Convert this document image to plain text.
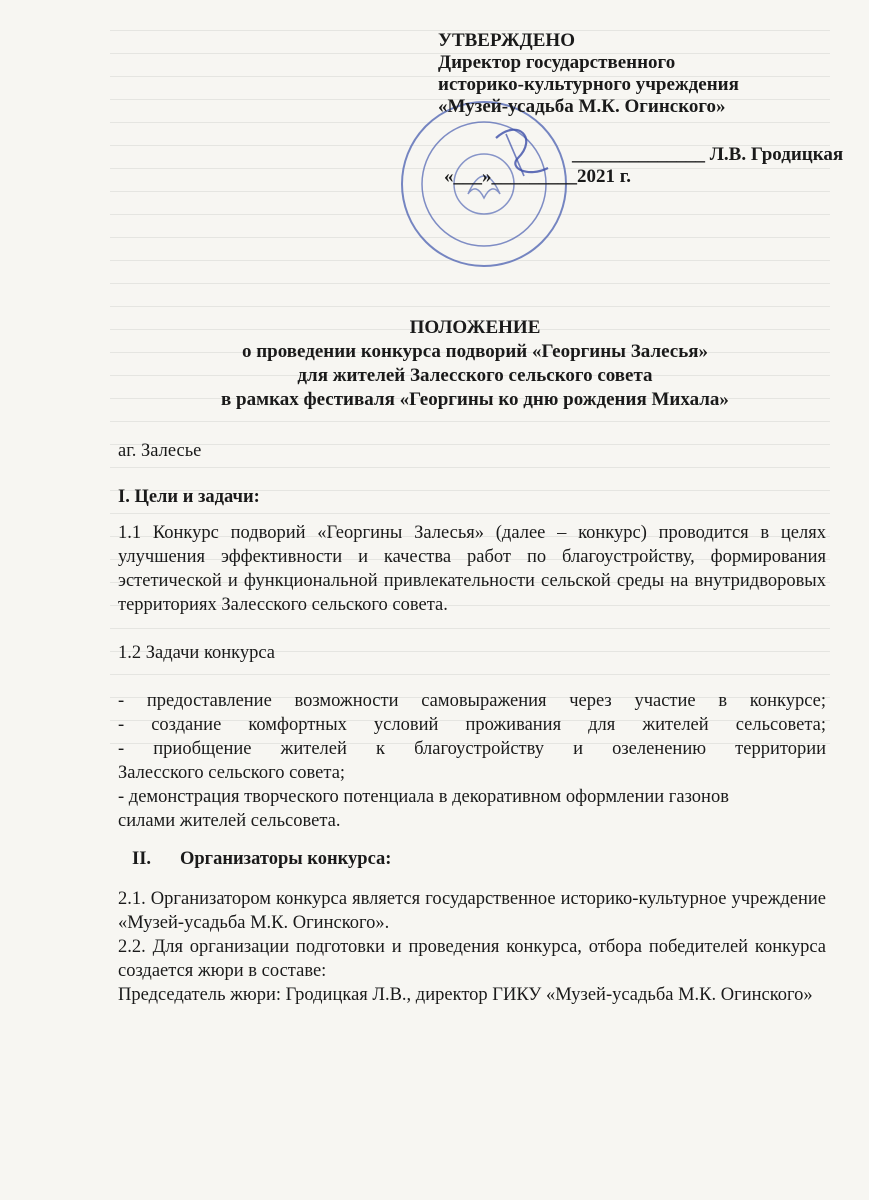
УТВЕРЖДЕНО
Директор государственного
историко-культурного учреждения
«Музей-усадьба М.К. Огинского»
______________ Л.В. Гродицкая
«___»_________2021 г.
ПОЛОЖЕНИЕ
о проведении конкурса подворий «Георгины Залесья»
для жителей Залесского сельского совета
в рамках фестиваля «Георгины ко дню рождения Михала»
аг. Залесье
I. Цели и задачи:
1.1 Конкурс подворий «Георгины Залесья» (далее – конкурс) проводится в целях улучшения эффективности и качества работ по благоустройству, формирования эстетической и функциональной привлекательности сельской среды на внутридворовых территориях Залесского сельского совета.
1.2 Задачи конкурса
- предоставление возможности самовыражения через участие в конкурсе;
- создание комфортных условий проживания для жителей сельсовета;
- приобщение жителей к благоустройству и озеленению территории
Залесского сельского совета;
- демонстрация творческого потенциала в декоративном оформлении газонов
силами жителей сельсовета.
II. Организаторы конкурса:
2.1. Организатором конкурса является государственное историко-культурное учреждение «Музей-усадьба М.К. Огинского».
2.2. Для организации подготовки и проведения конкурса, отбора победителей конкурса создается жюри в составе:
Председатель жюри: Гродицкая Л.В., директор ГИКУ «Музей-усадьба М.К. Огинского»
